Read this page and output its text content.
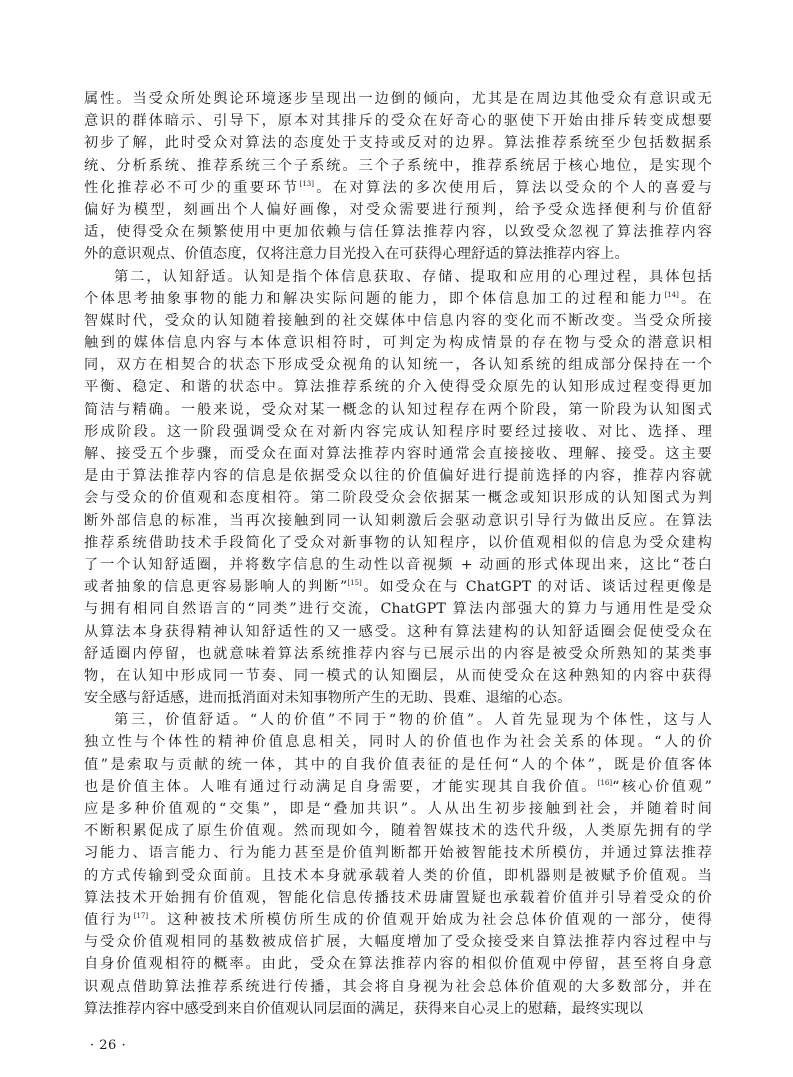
属性。当受众所处舆论环境逐步呈现出一边倒的倾向，尤其是在周边其他受众有意识或无
意识的群体暗示、引导下，原本对其排斥的受众在好奇心的驱使下开始由排斥转变成想要
初步了解，此时受众对算法的态度处于支持或反对的边界。算法推荐系统至少包括数据系
统、分析系统、推荐系统三个子系统。三个子系统中，推荐系统居于核心地位，是实现个
性化推荐必不可少的重要环节[13]。在对算法的多次使用后，算法以受众的个人的喜爱与
偏好为模型，刻画出个人偏好画像，对受众需要进行预判，给予受众选择便利与价值舒
适，使得受众在频繁使用中更加依赖与信任算法推荐内容，以致受众忽视了算法推荐内容
外的意识观点、价值态度，仅将注意力目光投入在可获得心理舒适的算法推荐内容上。
第二，认知舒适。认知是指个体信息获取、存储、提取和应用的心理过程，具体包括
个体思考抽象事物的能力和解决实际问题的能力，即个体信息加工的过程和能力[14]。在
智媒时代，受众的认知随着接触到的社交媒体中信息内容的变化而不断改变。当受众所接
触到的媒体信息内容与本体意识相符时，可判定为构成情景的存在物与受众的潜意识相
同，双方在相契合的状态下形成受众视角的认知统一，各认知系统的组成部分保持在一个
平衡、稳定、和谐的状态中。算法推荐系统的介入使得受众原先的认知形成过程变得更加
简洁与精确。一般来说，受众对某一概念的认知过程存在两个阶段，第一阶段为认知图式
形成阶段。这一阶段强调受众在对新内容完成认知程序时要经过接收、对比、选择、理
解、接受五个步骤，而受众在面对算法推荐内容时通常会直接接收、理解、接受。这主要
是由于算法推荐内容的信息是依据受众以往的价值偏好进行提前选择的内容，推荐内容就
会与受众的价值观和态度相符。第二阶段受众会依据某一概念或知识形成的认知图式为判
断外部信息的标准，当再次接触到同一认知刺激后会驱动意识引导行为做出反应。在算法
推荐系统借助技术手段简化了受众对新事物的认知程序，以价值观相似的信息为受众建构
了一个认知舒适圈，并将数字信息的生动性以音视频 + 动画的形式体现出来，这比“苍白
或者抽象的信息更容易影响人的判断”[15]。如受众在与 ChatGPT 的对话、谈话过程更像是
与拥有相同自然语言的“同类”进行交流，ChatGPT 算法内部强大的算力与通用性是受众
从算法本身获得精神认知舒适性的又一感受。这种有算法建构的认知舒适圈会促使受众在
舒适圈内停留，也就意味着算法系统推荐内容与已展示出的内容是被受众所熟知的某类事
物，在认知中形成同一节奏、同一模式的认知圈层，从而使受众在这种熟知的内容中获得
安全感与舒适感，进而抵消面对未知事物所产生的无助、畏难、退缩的心态。
第三，价值舒适。“人的价值”不同于“物的价值”。人首先显现为个体性，这与人
独立性与个体性的精神价值息息相关，同时人的价值也作为社会关系的体现。“人的价
值”是索取与贡献的统一体，其中的自我价值表征的是任何“人的个体”，既是价值客体
也是价值主体。人唯有通过行动满足自身需要，才能实现其自我价值。[16]“核心价值观”
应是多种价值观的“交集”，即是“叠加共识”。人从出生初步接触到社会，并随着时间
不断积累促成了原生价值观。然而现如今，随着智媒技术的迭代升级，人类原先拥有的学
习能力、语言能力、行为能力甚至是价值判断都开始被智能技术所模仿，并通过算法推荐
的方式传输到受众面前。且技术本身就承载着人类的价值，即机器则是被赋予价值观。当
算法技术开始拥有价值观，智能化信息传播技术毋庸置疑也承载着价值并引导着受众的价
值行为[17]。这种被技术所模仿所生成的价值观开始成为社会总体价值观的一部分，使得
与受众价值观相同的基数被成倍扩展，大幅度增加了受众接受来自算法推荐内容过程中与
自身价值观相符的概率。由此，受众在算法推荐内容的相似价值观中停留，甚至将自身意
识观点借助算法推荐系统进行传播，其会将自身视为社会总体价值观的大多数部分，并在
算法推荐内容中感受到来自价值观认同层面的满足，获得来自心灵上的慰藉，最终实现以
· 26 ·
